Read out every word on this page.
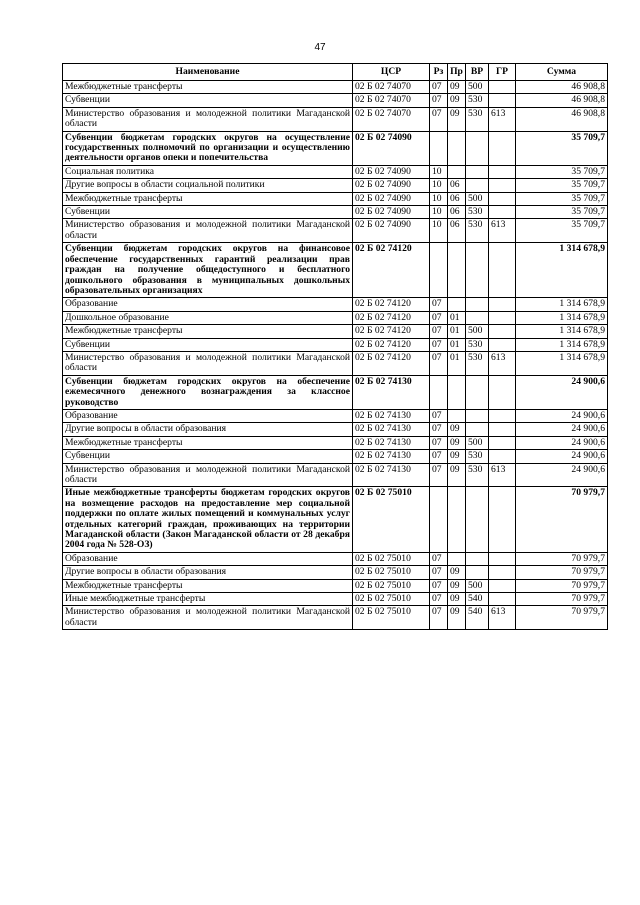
47
Наименование	ЦСР	Рз	Пр	ВР	ГР	Сумма
Межбюджетные трансферты	02 Б 02 74070	07	09	500		46 908,8
Субвенции	02 Б 02 74070	07	09	530		46 908,8
Министерство образования и молодежной политики Магаданской области	02 Б 02 74070	07	09	530	613	46 908,8
Субвенции бюджетам городских округов на осуществление государственных полномочий по организации и осуществлению деятельности органов опеки и попечительства	02 Б 02 74090					35 709,7
Социальная политика	02 Б 02 74090	10				35 709,7
Другие вопросы в области социальной политики	02 Б 02 74090	10	06			35 709,7
Межбюджетные трансферты	02 Б 02 74090	10	06	500		35 709,7
Субвенции	02 Б 02 74090	10	06	530		35 709,7
Министерство образования и молодежной политики Магаданской области	02 Б 02 74090	10	06	530	613	35 709,7
Субвенции бюджетам городских округов на финансовое обеспечение государственных гарантий реализации прав граждан на получение общедоступного и бесплатного дошкольного образования в муниципальных дошкольных образовательных организациях	02 Б 02 74120					1 314 678,9
Образование	02 Б 02 74120	07				1 314 678,9
Дошкольное образование	02 Б 02 74120	07	01			1 314 678,9
Межбюджетные трансферты	02 Б 02 74120	07	01	500		1 314 678,9
Субвенции	02 Б 02 74120	07	01	530		1 314 678,9
Министерство образования и молодежной политики Магаданской области	02 Б 02 74120	07	01	530	613	1 314 678,9
Субвенции бюджетам городских округов на обеспечение ежемесячного денежного вознаграждения за классное руководство	02 Б 02 74130					24 900,6
Образование	02 Б 02 74130	07				24 900,6
Другие вопросы в области образования	02 Б 02 74130	07	09			24 900,6
Межбюджетные трансферты	02 Б 02 74130	07	09	500		24 900,6
Субвенции	02 Б 02 74130	07	09	530		24 900,6
Министерство образования и молодежной политики Магаданской области	02 Б 02 74130	07	09	530	613	24 900,6
Иные межбюджетные трансферты бюджетам городских округов на возмещение расходов на предоставление мер социальной поддержки по оплате жилых помещений и коммунальных услуг отдельных категорий граждан, проживающих на территории Магаданской области (Закон Магаданской области от 28 декабря 2004 года № 528-ОЗ)	02 Б 02 75010					70 979,7
Образование	02 Б 02 75010	07				70 979,7
Другие вопросы в области образования	02 Б 02 75010	07	09			70 979,7
Межбюджетные трансферты	02 Б 02 75010	07	09	500		70 979,7
Иные межбюджетные трансферты	02 Б 02 75010	07	09	540		70 979,7
Министерство образования и молодежной политики Магаданской области	02 Б 02 75010	07	09	540	613	70 979,7
